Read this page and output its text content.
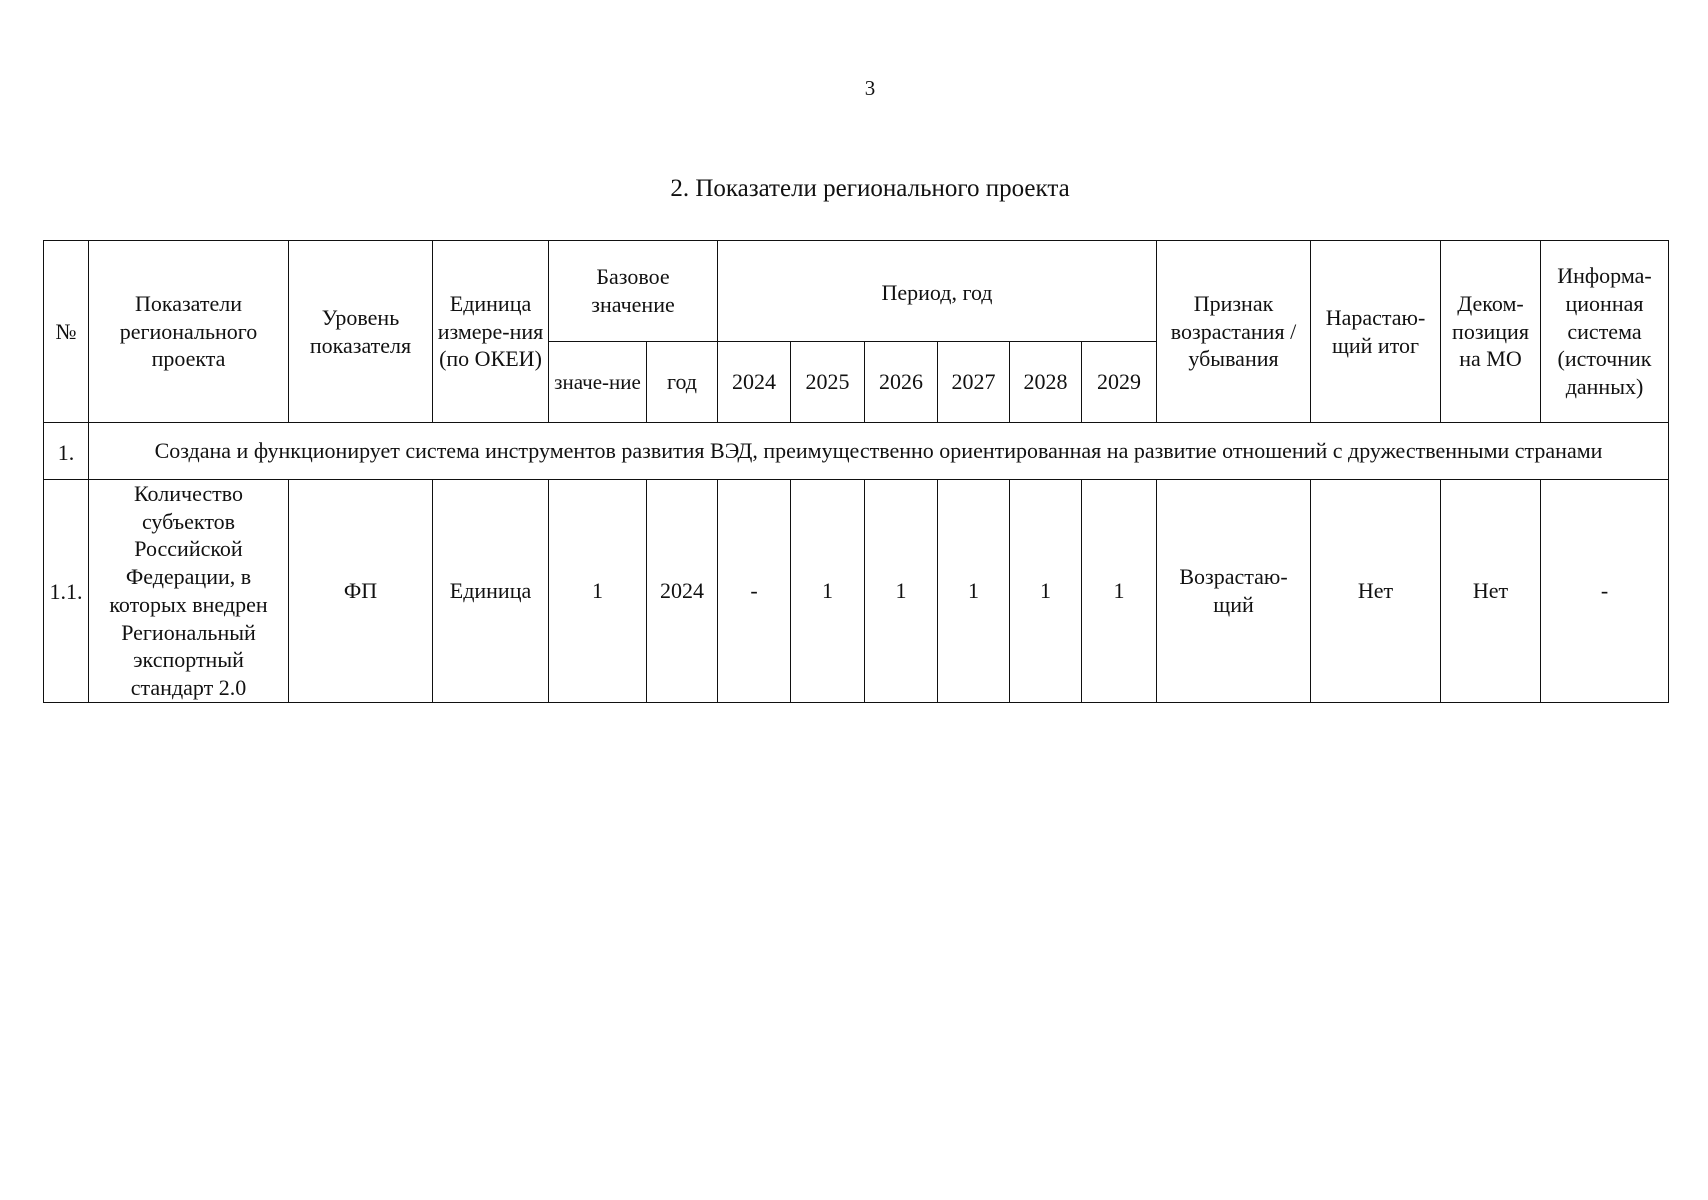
3
2. Показатели регионального проекта
№	Показатели регионального проекта	Уровень показателя	Единица измере-ния (по ОКЕИ)	Базовое значение		Период, год						Признак возрастания /убывания	Нарастаю-щий итог	Деком-позиция на МО	Информа-ционная система (источник данных)
				значе-ние	год	2024	2025	2026	2027	2028	2029				
1.	Создана и функционирует система инструментов развития ВЭД, преимущественно ориентированная на развитие отношений с дружественными странами														
1.1.	Количество субъектов Российской Федерации, в которых внедрен Региональный экспортный стандарт 2.0	ФП	Единица	1	2024	-	1	1	1	1	1	Возрастаю-щий	Нет	Нет	-
